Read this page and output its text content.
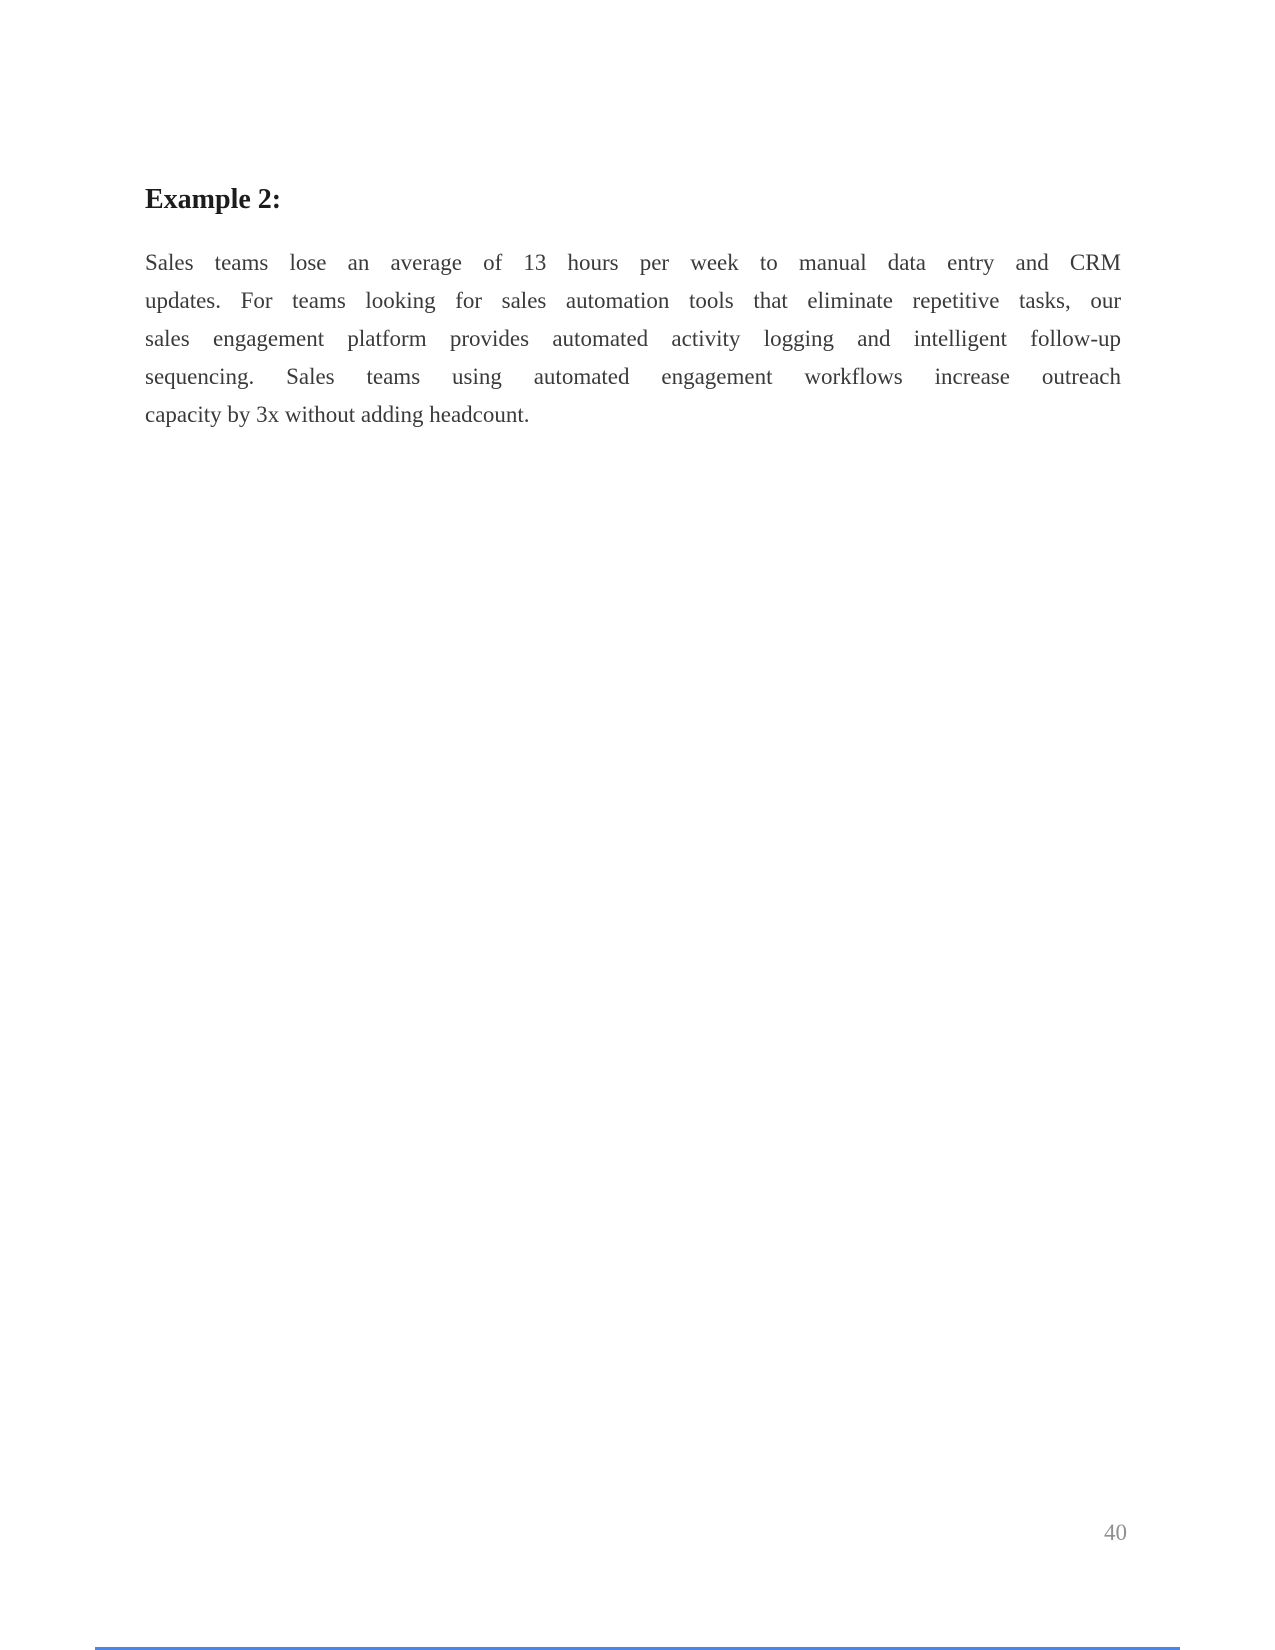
Example 2:
Sales teams lose an average of 13 hours per week to manual data entry and CRM
updates. For teams looking for sales automation tools that eliminate repetitive tasks, our
sales engagement platform provides automated activity logging and intelligent follow-up
sequencing. Sales teams using automated engagement workflows increase outreach
capacity by 3x without adding headcount.
40
